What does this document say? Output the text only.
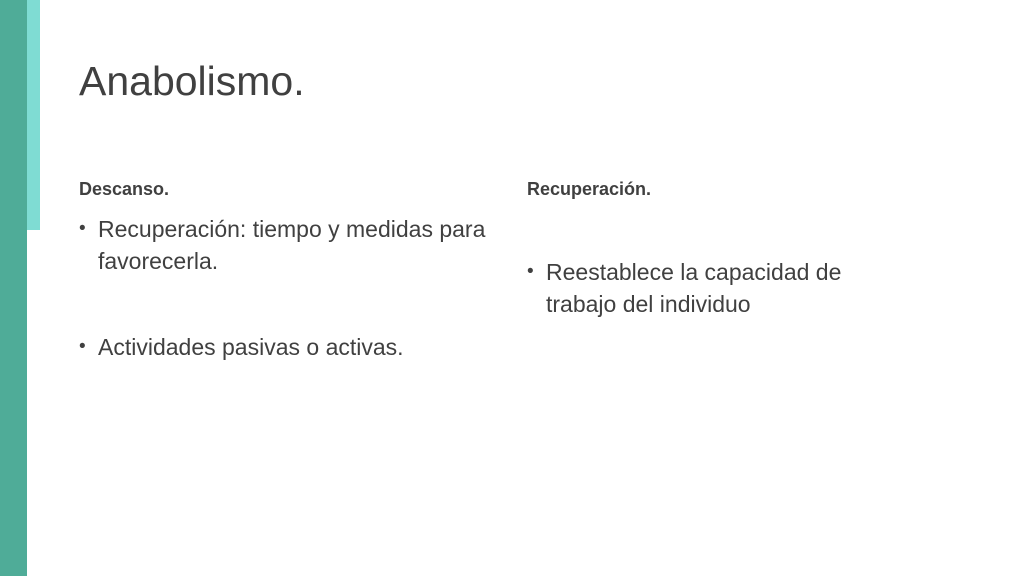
Anabolismo.
Descanso.
• Recuperación: tiempo y medidas para favorecerla.
• Actividades pasivas o activas.
Recuperación.
• Reestablece la capacidad de trabajo del individuo
